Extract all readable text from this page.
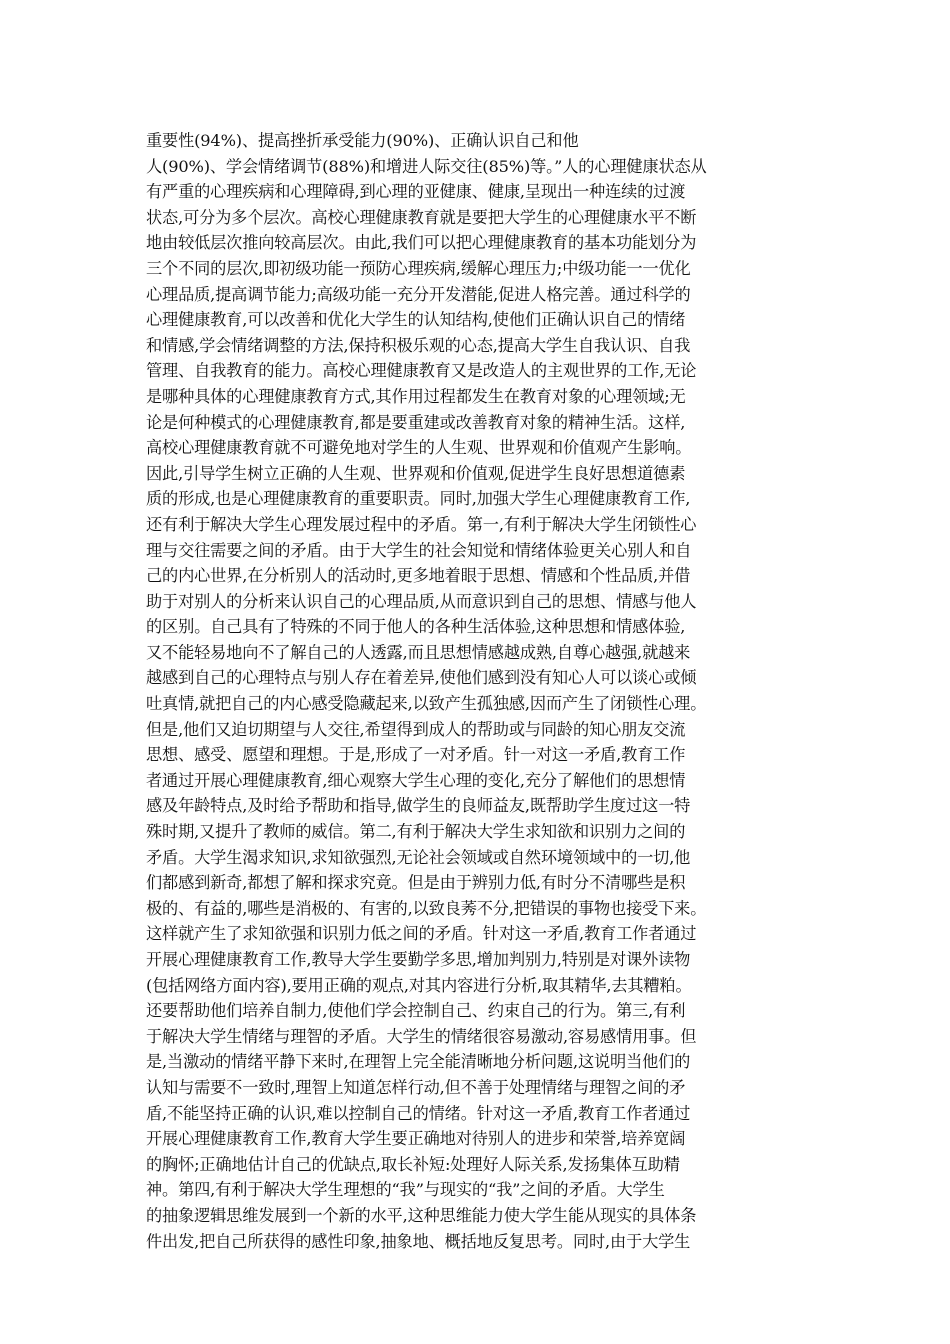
重要性(94%)、提高挫折承受能力(90%)、正确认识自己和他
人(90%)、学会情绪调节(88%)和增进人际交往(85%)等。”人的心理健康状态从
有严重的心理疾病和心理障碍,到心理的亚健康、健康,呈现出一种连续的过渡
状态,可分为多个层次。高校心理健康教育就是要把大学生的心理健康水平不断
地由较低层次推向较高层次。由此,我们可以把心理健康教育的基本功能划分为
三个不同的层次,即初级功能一预防心理疾病,缓解心理压力;中级功能一一优化
心理品质,提高调节能力;高级功能一充分开发潜能,促进人格完善。通过科学的
心理健康教育,可以改善和优化大学生的认知结构,使他们正确认识自己的情绪
和情感,学会情绪调整的方法,保持积极乐观的心态,提高大学生自我认识、自我
管理、自我教育的能力。高校心理健康教育又是改造人的主观世界的工作,无论
是哪种具体的心理健康教育方式,其作用过程都发生在教育对象的心理领域;无
论是何种模式的心理健康教育,都是要重建或改善教育对象的精神生活。这样,
高校心理健康教育就不可避免地对学生的人生观、世界观和价值观产生影响。
因此,引导学生树立正确的人生观、世界观和价值观,促进学生良好思想道德素
质的形成,也是心理健康教育的重要职责。同时,加强大学生心理健康教育工作,
还有利于解决大学生心理发展过程中的矛盾。第一,有利于解决大学生闭锁性心
理与交往需要之间的矛盾。由于大学生的社会知觉和情绪体验更关心别人和自
己的内心世界,在分析别人的活动时,更多地着眼于思想、情感和个性品质,并借
助于对别人的分析来认识自己的心理品质,从而意识到自己的思想、情感与他人
的区别。自己具有了特殊的不同于他人的各种生活体验,这种思想和情感体验,
又不能轻易地向不了解自己的人透露,而且思想情感越成熟,自尊心越强,就越来
越感到自己的心理特点与别人存在着差异,使他们感到没有知心人可以谈心或倾
吐真情,就把自己的内心感受隐藏起来,以致产生孤独感,因而产生了闭锁性心理。
但是,他们又迫切期望与人交往,希望得到成人的帮助或与同龄的知心朋友交流
思想、感受、愿望和理想。于是,形成了一对矛盾。针一对这一矛盾,教育工作
者通过开展心理健康教育,细心观察大学生心理的变化,充分了解他们的思想情
感及年龄特点,及时给予帮助和指导,做学生的良师益友,既帮助学生度过这一特
殊时期,又提升了教师的威信。第二,有利于解决大学生求知欲和识别力之间的
矛盾。大学生渴求知识,求知欲强烈,无论社会领域或自然环境领域中的一切,他
们都感到新奇,都想了解和探求究竟。但是由于辨别力低,有时分不清哪些是积
极的、有益的,哪些是消极的、有害的,以致良莠不分,把错误的事物也接受下来。
这样就产生了求知欲强和识别力低之间的矛盾。针对这一矛盾,教育工作者通过
开展心理健康教育工作,教导大学生要勤学多思,增加判别力,特别是对课外读物
(包括网络方面内容),要用正确的观点,对其内容进行分析,取其精华,去其糟粕。
还要帮助他们培养自制力,使他们学会控制自己、约束自己的行为。第三,有利
于解决大学生情绪与理智的矛盾。大学生的情绪很容易激动,容易感情用事。但
是,当激动的情绪平静下来时,在理智上完全能清晰地分析问题,这说明当他们的
认知与需要不一致时,理智上知道怎样行动,但不善于处理情绪与理智之间的矛
盾,不能坚持正确的认识,难以控制自己的情绪。针对这一矛盾,教育工作者通过
开展心理健康教育工作,教育大学生要正确地对待别人的进步和荣誉,培养宽阔
的胸怀;正确地估计自己的优缺点,取长补短:处理好人际关系,发扬集体互助精
神。第四,有利于解决大学生理想的“我”与现实的“我”之间的矛盾。大学生
的抽象逻辑思维发展到一个新的水平,这种思维能力使大学生能从现实的具体条
件出发,把自己所获得的感性印象,抽象地、概括地反复思考。同时,由于大学生
